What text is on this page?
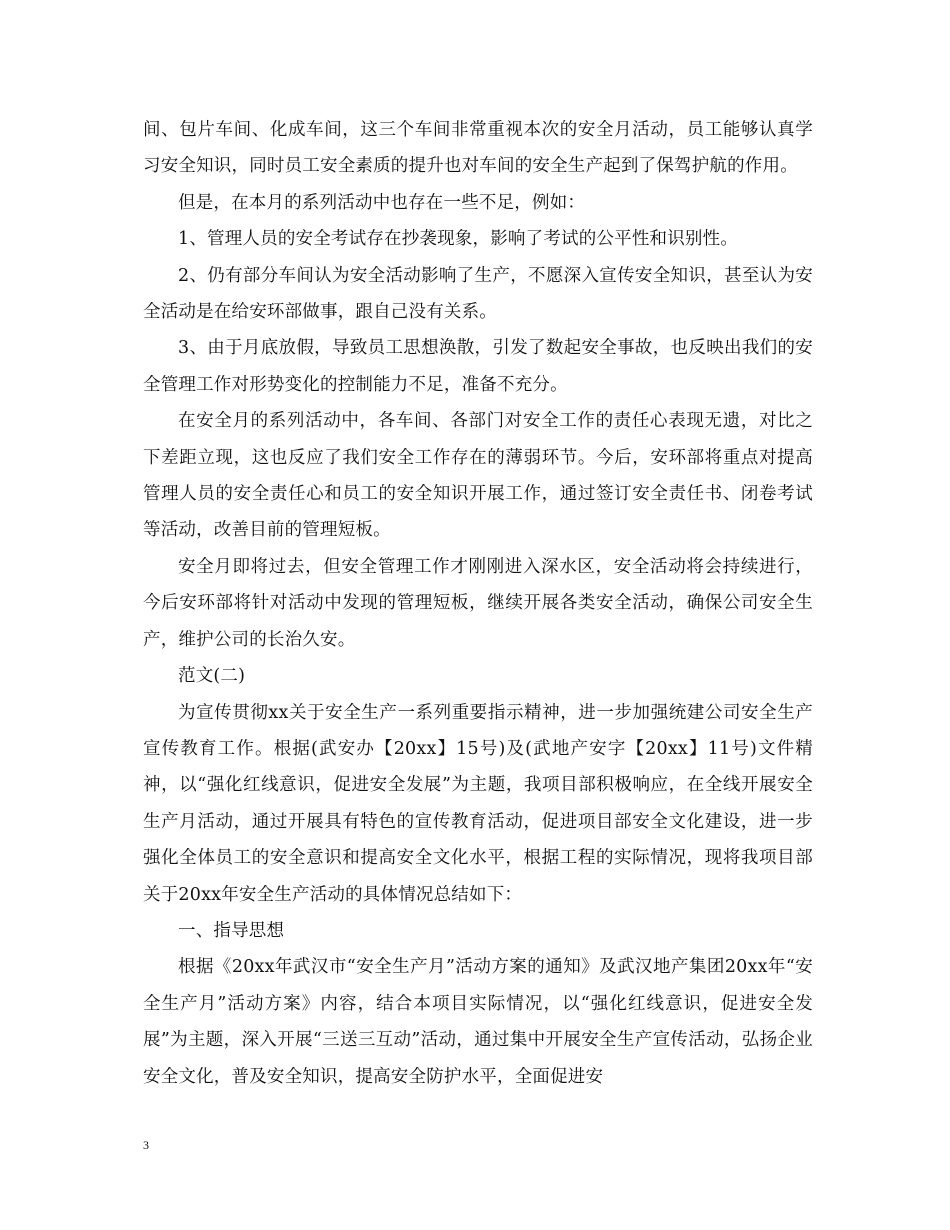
间、包片车间、化成车间，这三个车间非常重视本次的安全月活动，员工能够认真学习安全知识，同时员工安全素质的提升也对车间的安全生产起到了保驾护航的作用。

但是，在本月的系列活动中也存在一些不足，例如：

1、管理人员的安全考试存在抄袭现象，影响了考试的公平性和识别性。

2、仍有部分车间认为安全活动影响了生产，不愿深入宣传安全知识，甚至认为安全活动是在给安环部做事，跟自己没有关系。

3、由于月底放假，导致员工思想涣散，引发了数起安全事故，也反映出我们的安全管理工作对形势变化的控制能力不足，准备不充分。

在安全月的系列活动中，各车间、各部门对安全工作的责任心表现无遗，对比之下差距立现，这也反应了我们安全工作存在的薄弱环节。今后，安环部将重点对提高管理人员的安全责任心和员工的安全知识开展工作，通过签订安全责任书、闭卷考试等活动，改善目前的管理短板。

安全月即将过去，但安全管理工作才刚刚进入深水区，安全活动将会持续进行，今后安环部将针对活动中发现的管理短板，继续开展各类安全活动，确保公司安全生产，维护公司的长治久安。

范文(二)

为宣传贯彻xx关于安全生产一系列重要指示精神，进一步加强统建公司安全生产宣传教育工作。根据(武安办【20xx】15号)及(武地产安字【20xx】11号)文件精神，以“强化红线意识，促进安全发展”为主题，我项目部积极响应，在全线开展安全生产月活动，通过开展具有特色的宣传教育活动，促进项目部安全文化建设，进一步强化全体员工的安全意识和提高安全文化水平，根据工程的实际情况，现将我项目部关于20xx年安全生产活动的具体情况总结如下：

一、指导思想

根据《20xx年武汉市“安全生产月”活动方案的通知》及武汉地产集团20xx年“安全生产月”活动方案》内容，结合本项目实际情况，以“强化红线意识，促进安全发展”为主题，深入开展“三送三互动”活动，通过集中开展安全生产宣传活动，弘扬企业安全文化，普及安全知识，提高安全防护水平，全面促进安

3
